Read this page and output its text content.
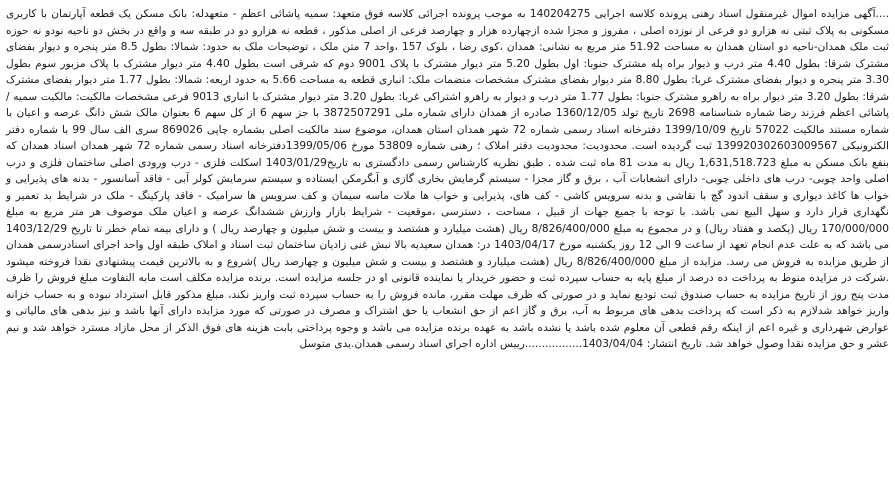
....آگهی مزایده اموال غیرمنقول اسناد رهنی پرونده کلاسه اجرایی 140204275 به موجب پرونده اجرائی کلاسه فوق متعهد: سمیه پاشائی اعظم - متعهدله: بانک مسکن یک قطعه آپارتمان با کاربری مسکونی به پلاک ثبتی نه هزارو دو فرعی از نوزده اصلی ، مفروز و مجزا شده ازچهارده هزار و چهارصد فرعی از اصلی مذکور ، قطعه نه هزارو دو در طبقه سه و واقع در بخش دو ناحیه نودو نه حوزه ثبت ملک همدان-ناحیه دو استان همدان به مساحت 51.92 متر مربع به نشانی: همدان ،کوی رضا ، بلوک 157 ،واحد 7 متن ملک ، توضیحات ملک به حدود: شمالا: بطول 8.5 متر پنجره و دیوار بفضای مشترک شرقا: بطول 4.40 متر درب و دیوار براه پله مشترک جنوبا: اول بطول 5.20 متر دیوار مشترک با پلاک 9001 دوم که شرقی است بطول 4.40 متر دیوار مشترک با پلاک مزبور سوم بطول 3.30 متر پنجره و دیوار بفضای مشترک غربا: بطول 8.80 متر دیوار بفضای مشترک مشخصات منضمات ملک: انباری قطعه به مساحت 5.66 به حدود اربعه: شمالا: بطول 1.77 متر دیوار بفضای مشترک شرقا: بطول 3.20 متر دیوار براه به راهرو مشترک جنوبا: بطول 1.77 متر درب و دیوار به راهرو اشتراکی غربا: بطول 3.20 متر دیوار مشترک با انباری 9013 فرعی مشخصات مالکیت: مالکیت سمیه / پاشائی اعظم فرزند رضا شماره شناسنامه 2698 تاریخ تولد 1360/12/05 صادره از همدان دارای شماره ملی 3872507291 با جز سهم 6 از کل سهم 6 بعنوان مالک شش دانگ عرصه و اعیان با شماره مستند مالکیت 57022 تاریخ 1399/10/09 دفترخانه اسناد رسمی شماره 72 شهر همدان استان همدان، موضوع سند مالکیت اصلی بشماره چاپی 869026 سری الف سال 99 با شماره دفتر الکترونیکی 139920302603009567 ثبت گردیده است. محدودیت: محدودیت دفتر املاک ؛ رهنی شماره 53809 مورخ 1399/05/06دفترخانه اسناد رسمی شماره 72 شهر همدان اسناد همدان که بنفع بانک مسکن به مبلغ 1,631,518.723 ریال به مدت 81 ماه ثبت شده . طبق نظریه کارشناس رسمی دادگستری به تاریخ1403/01/29 اسکلت فلزی - درب ورودی اصلی ساختمان فلزی و درب اصلی واحد چوبی- درب های داخلی چوبی- دارای انشعابات آب ، برق و گاز مجزا - سیستم گرمایش بخاری گازی و آبگرمکن ایستاده و سیستم سرمایش کولر آبی - فاقد آسانسور - بدنه های پذیرایی و خواب ها کاغذ دیواری و سقف اندود گچ با نقاشی و بدنه سرویس کاشی - کف های، پذیرایی و خواب ها ملات ماسه سیمان و کف سرویس ها سرامیک - فاقد پارکینگ - ملک در شرایط بد تعمیر و نگهداری قرار دارد و سهل البیع نمی باشد. با توجه با جمیع جهات از قبیل ، مساحت ، دسترسی ،موقعیت - شرایط بازار وارزش ششدانگ عرصه و اعیان ملک موصوف هر متر مربع به مبلغ 170/000/000 ریال (یکصد و هفتاد ریال) و در مجموع به مبلغ 8/826/400/000 ریال (هشت میلیارد و هشتصد و بیست و شش میلیون و چهارصد ریال ) و دارای بیمه تمام خطر تا تاریخ 1403/12/29 می باشد که به علت عدم انجام تعهد از ساعت 9 الی 12 روز یکشنبه مورخ 1403/04/17 در: همدان سعیدیه بالا نبش غنی زادیان ساختمان ثبت اسناد و املاک طبقه اول واحد اجرای اسنادرسمی همدان از طریق مزایده به فروش می رسد. مزایده از مبلغ 8/826/400/000 ریال (هشت میلیارد و هشتصد و بیست و شش میلیون و چهارصد ریال )شروع و به بالاترین قیمت پیشنهادی نقدا فروخته میشود .شرکت در مزایده منوط به پرداخت ده درصد از مبلغ پایه به حساب سپرده ثبت و حضور خریدار یا نماینده قانونی او در جلسه مزایده است. برنده مزایده مکلف است مابه التفاوت مبلغ فروش را ظرف مدت پنج روز از تاریخ مزایده به حساب صندوق ثبت تودیع نماید و در صورتی که ظرف مهلت مقرر، مانده فروش را به حساب سپرده ثبت واریز نکند، مبلغ مذکور قابل استرداد نبوده و به حساب خزانه واریز خواهد شدلازم به ذکر است که پرداخت بدهی های مربوط به آب، برق و گاز اعم از حق انشعاب یا حق اشتراک و مصرف در صورتی که مورد مزایده دارای آنها باشد و نیز بدهی های مالیاتی و عوارض شهرداری و غیره اعم از اینکه رقم قطعی آن معلوم شده باشد یا نشده باشد به عهده برنده مزایده می باشد و وجوه پرداختی بابت هزینه های فوق الذکر از محل مازاد مسترد خواهد شد و نیم عشر و حق مزایده نقدا وصول خواهد شد. تاریخ انتشار: 1403/04/04.................رییس اداره اجرای اسناد رسمی همدان.یدی متوسل
